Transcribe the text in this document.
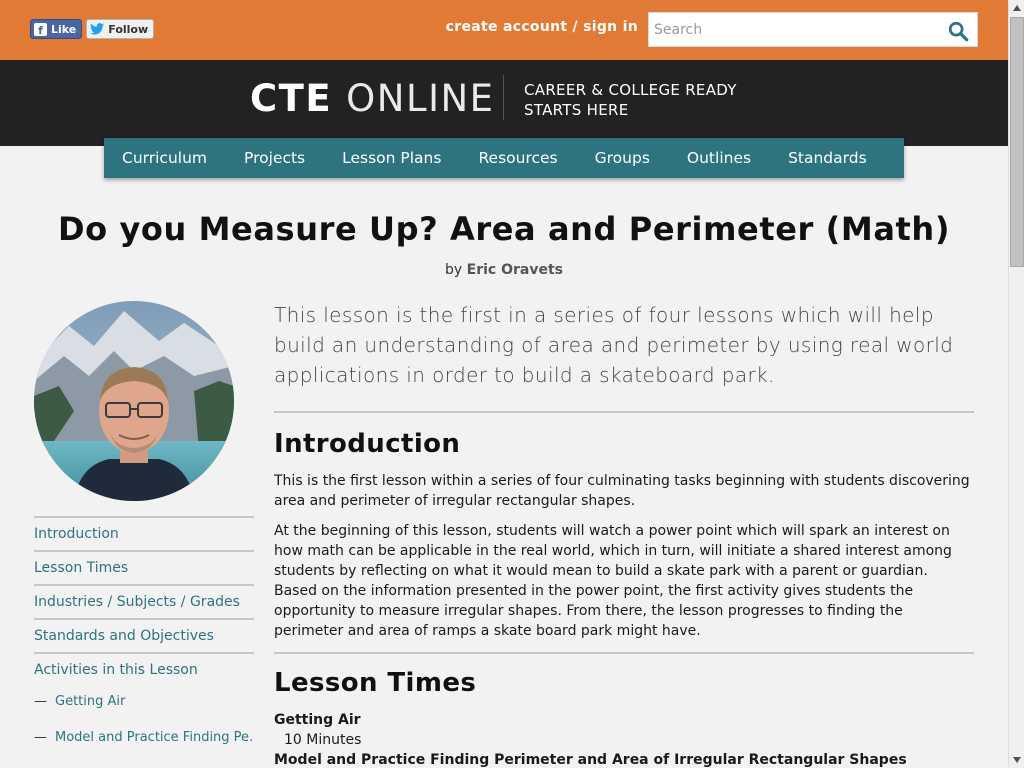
f Like	Follow	create account / sign in
Search
CTE ONLINE CAREER & COLLEGE READY
STARTS HERE
Curriculum Projects Lesson Plans Resources Groups Outlines Standards
Do you Measure Up? Area and Perimeter (Math)
by Eric Oravets
Introduction
Lesson Times
Industries / Subjects / Grades
Standards and Objectives
Activities in this Lesson
— Getting Air
— Model and Practice Finding Pe.

This lesson is the first in a series of four lessons which will help build an understanding of area and perimeter by using real world applications in order to build a skateboard park.

Introduction

This is the first lesson within a series of four culminating tasks beginning with students discovering area and perimeter of irregular rectangular shapes.

At the beginning of this lesson, students will watch a power point which will spark an interest on how math can be applicable in the real world, which in turn, will initiate a shared interest among students by reflecting on what it would mean to build a skate park with a parent or guardian. Based on the information presented in the power point, the first activity gives students the opportunity to measure irregular shapes. From there, the lesson progresses to finding the perimeter and area of ramps a skate board park might have.

Lesson Times
Getting Air
10 Minutes
Model and Practice Finding Perimeter and Area of Irregular Rectangular Shapes
